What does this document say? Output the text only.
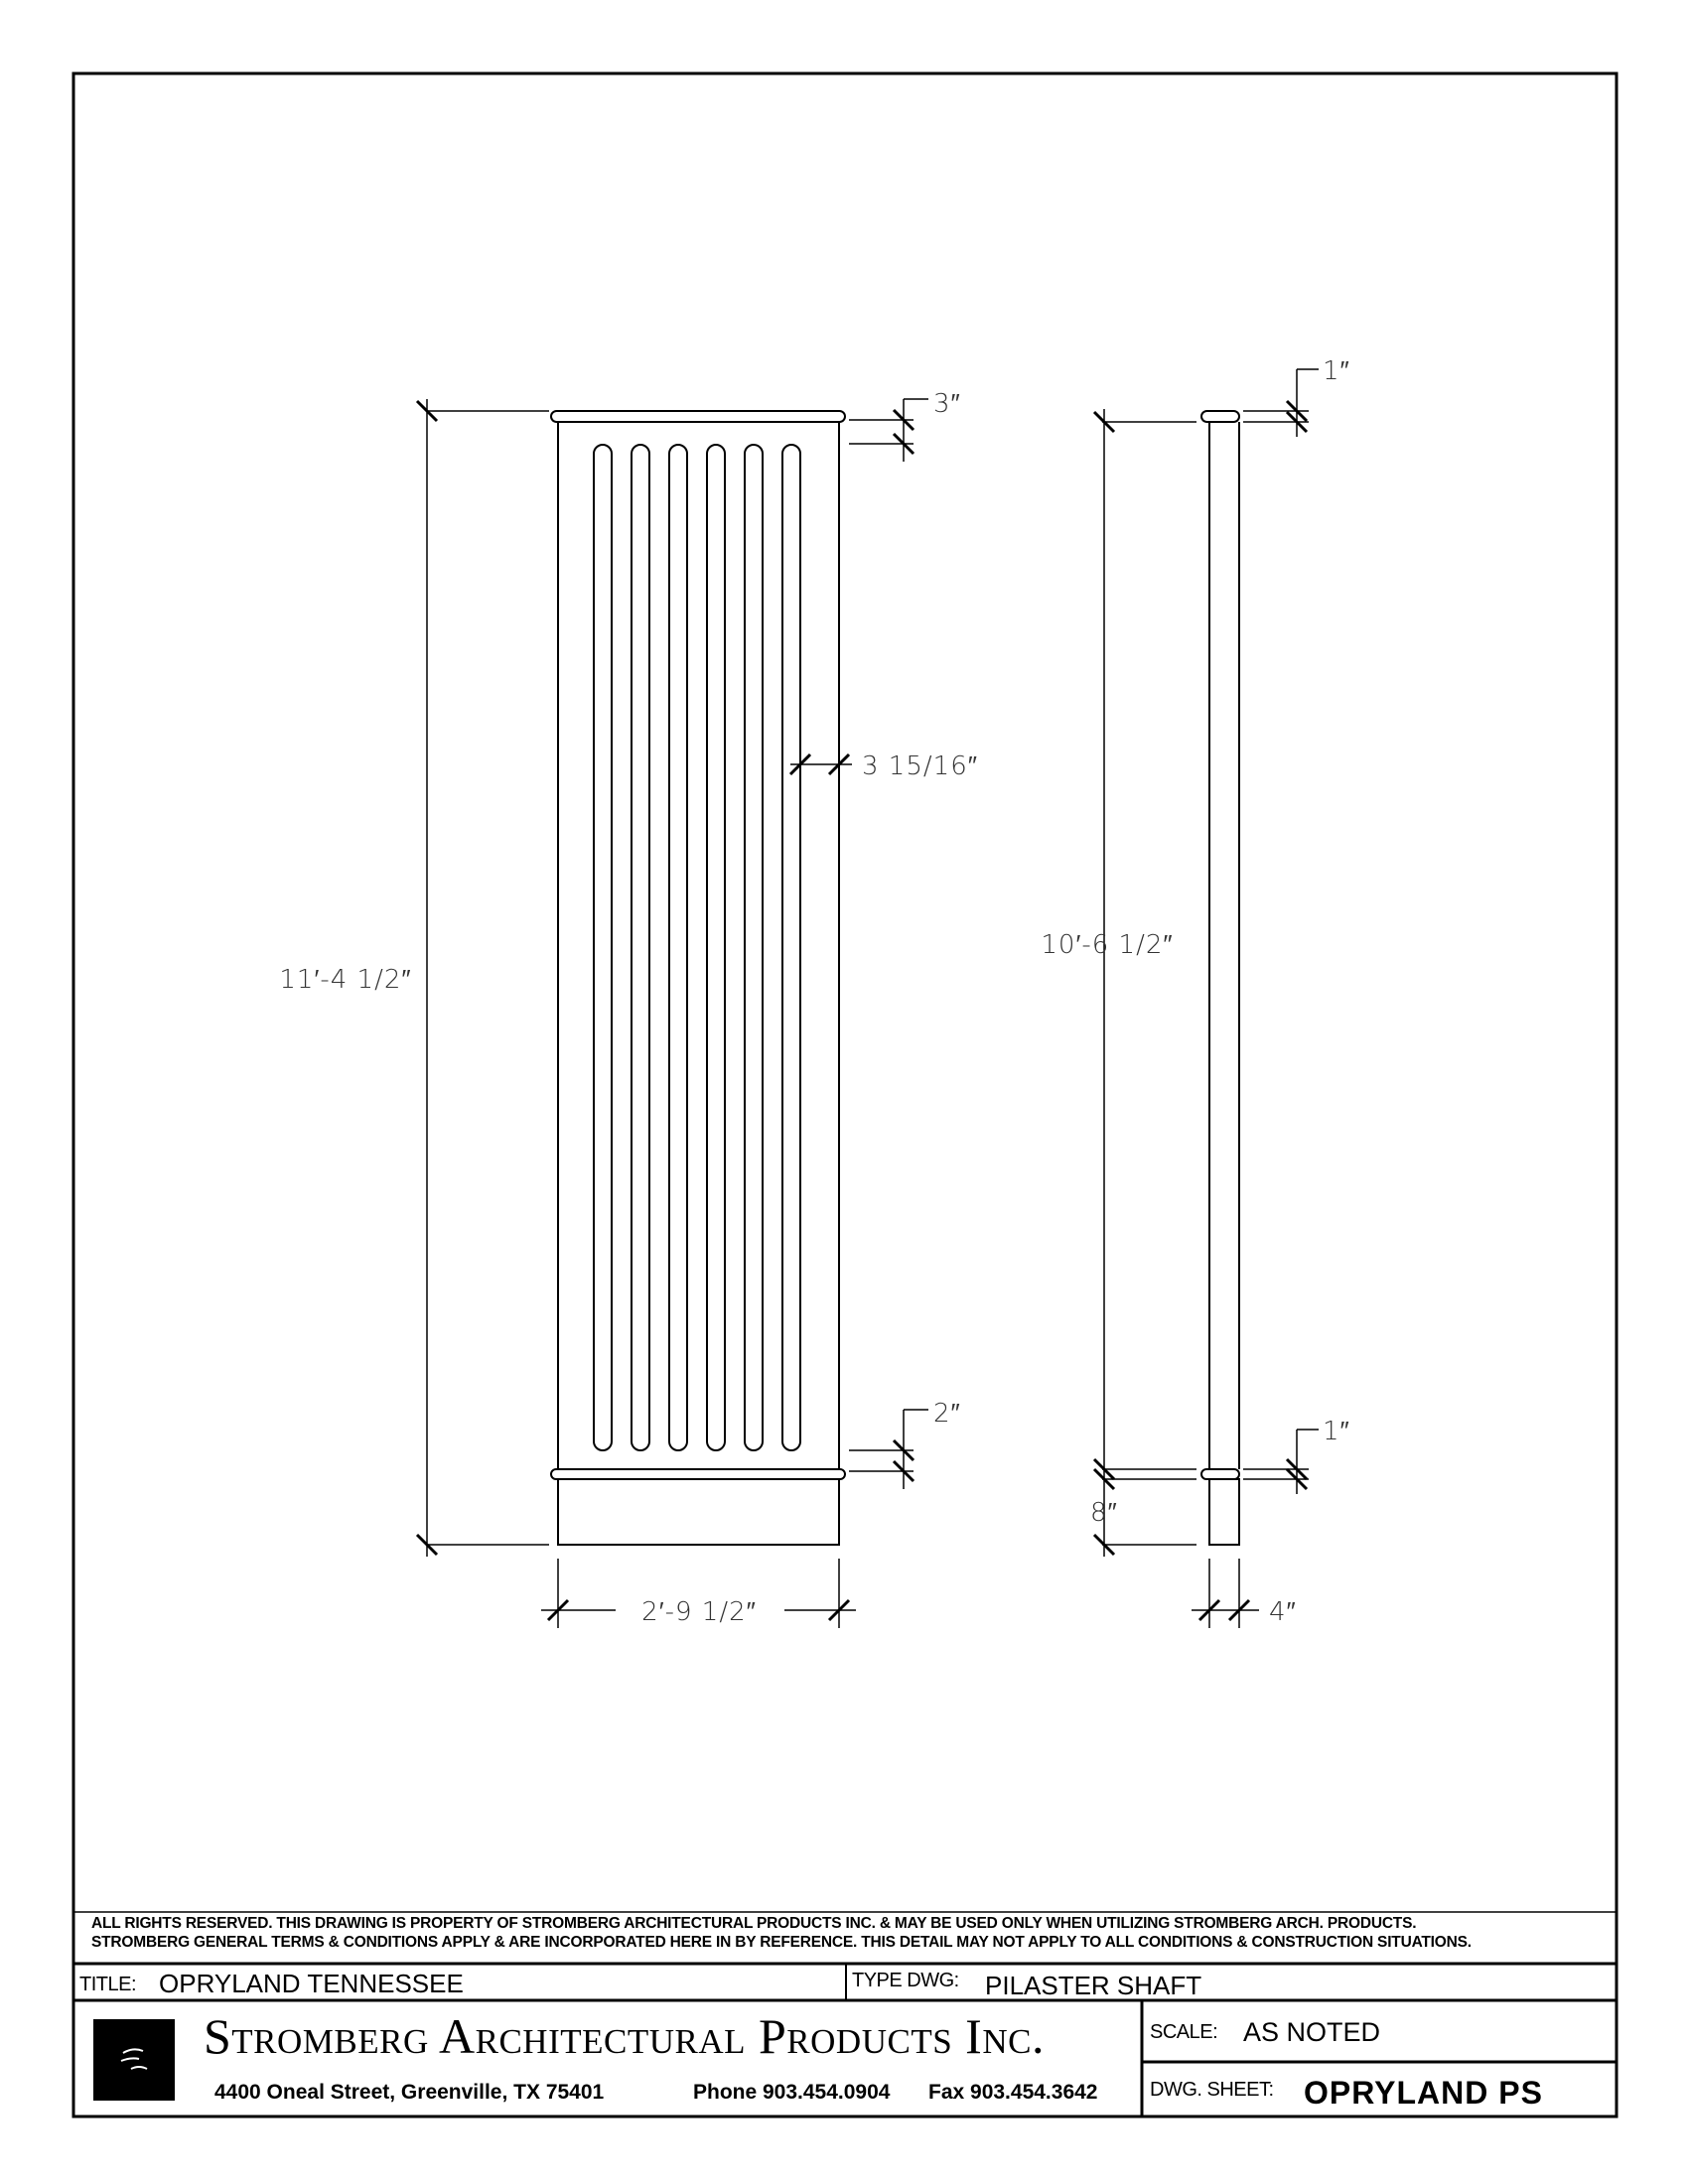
11′-4 1/2″
2′-9 1/2″
3″
3 15/16″
2″
10′-6 1/2″
1″
1″
8″
4″
ALL RIGHTS RESERVED. THIS DRAWING IS PROPERTY OF STROMBERG ARCHITECTURAL PRODUCTS INC. & MAY BE USED ONLY WHEN UTILIZING STROMBERG ARCH. PRODUCTS.
STROMBERG GENERAL TERMS & CONDITIONS APPLY & ARE INCORPORATED HERE IN BY REFERENCE. THIS DETAIL MAY NOT APPLY TO ALL CONDITIONS & CONSTRUCTION SITUATIONS.
TITLE: OPRYLAND TENNESSEE	TYPE DWG: PILASTER SHAFT
Stromberg Architectural Products Inc.
4400 Oneal Street, Greenville, TX 75401	Phone 903.454.0904 Fax 903.454.3642
SCALE: AS NOTED
DWG. SHEET: OPRYLAND PS
